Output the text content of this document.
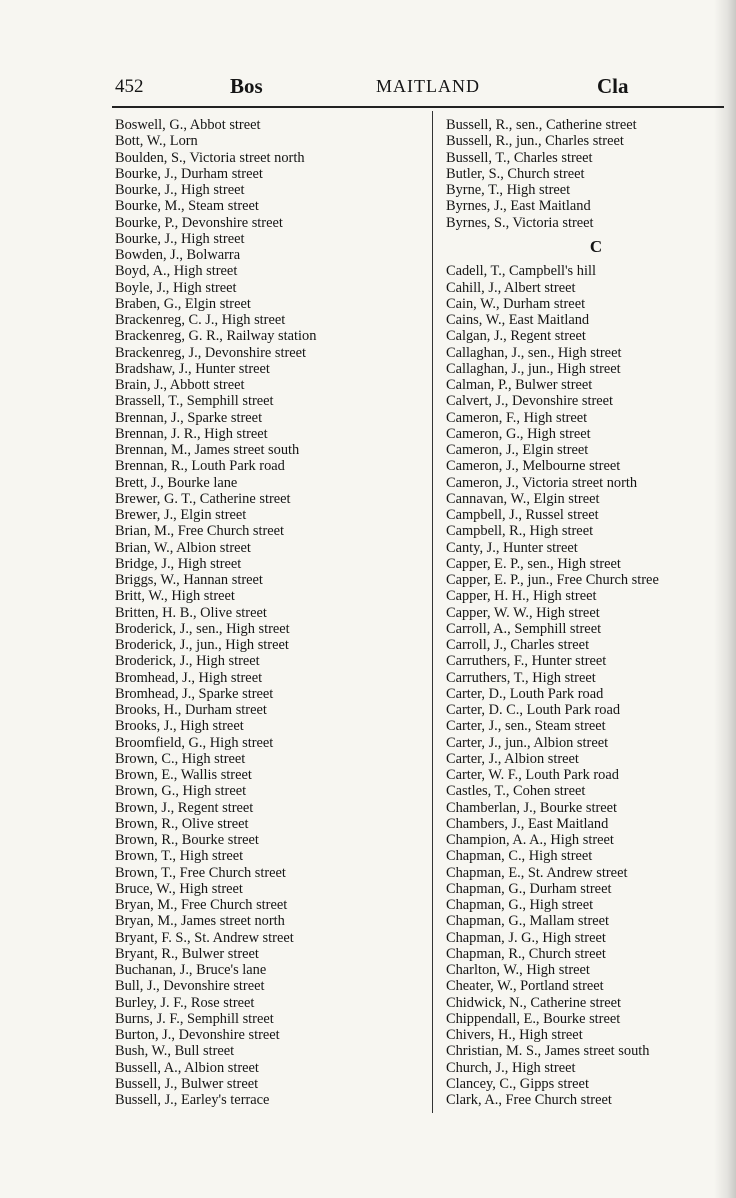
452	Bos	MAITLAND	Cla
Boswell, G., Abbot street
Bott, W., Lorn
Boulden, S., Victoria street north
Bourke, J., Durham street
Bourke, J., High street
Bourke, M., Steam street
Bourke, P., Devonshire street
Bourke, J., High street
Bowden, J., Bolwarra
Boyd, A., High street
Boyle, J., High street
Braben, G., Elgin street
Brackenreg, C. J., High street
Brackenreg, G. R., Railway station
Brackenreg, J., Devonshire street
Bradshaw, J., Hunter street
Brain, J., Abbott street
Brassell, T., Semphill street
Brennan, J., Sparke street
Brennan, J. R., High street
Brennan, M., James street south
Brennan, R., Louth Park road
Brett, J., Bourke lane
Brewer, G. T., Catherine street
Brewer, J., Elgin street
Brian, M., Free Church street
Brian, W., Albion street
Bridge, J., High street
Briggs, W., Hannan street
Britt, W., High street
Britten, H. B., Olive street
Broderick, J., sen., High street
Broderick, J., jun., High street
Broderick, J., High street
Bromhead, J., High street
Bromhead, J., Sparke street
Brooks, H., Durham street
Brooks, J., High street
Broomfield, G., High street
Brown, C., High street
Brown, E., Wallis street
Brown, G., High street
Brown, J., Regent street
Brown, R., Olive street
Brown, R., Bourke street
Brown, T., High street
Brown, T., Free Church street
Bruce, W., High street
Bryan, M., Free Church street
Bryan, M., James street north
Bryant, F. S., St. Andrew street
Bryant, R., Bulwer street
Buchanan, J., Bruce's lane
Bull, J., Devonshire street
Burley, J. F., Rose street
Burns, J. F., Semphill street
Burton, J., Devonshire street
Bush, W., Bull street
Bussell, A., Albion street
Bussell, J., Bulwer street
Bussell, J., Earley's terrace
Bussell, R., sen., Catherine street
Bussell, R., jun., Charles street
Bussell, T., Charles street
Butler, S., Church street
Byrne, T., High street
Byrnes, J., East Maitland
Byrnes, S., Victoria street
C
Cadell, T., Campbell's hill
Cahill, J., Albert street
Cain, W., Durham street
Cains, W., East Maitland
Calgan, J., Regent street
Callaghan, J., sen., High street
Callaghan, J., jun., High street
Calman, P., Bulwer street
Calvert, J., Devonshire street
Cameron, F., High street
Cameron, G., High street
Cameron, J., Elgin street
Cameron, J., Melbourne street
Cameron, J., Victoria street north
Cannavan, W., Elgin street
Campbell, J., Russel street
Campbell, R., High street
Canty, J., Hunter street
Capper, E. P., sen., High street
Capper, E. P., jun., Free Church stree
Capper, H. H., High street
Capper, W. W., High street
Carroll, A., Semphill street
Carroll, J., Charles street
Carruthers, F., Hunter street
Carruthers, T., High street
Carter, D., Louth Park road
Carter, D. C., Louth Park road
Carter, J., sen., Steam street
Carter, J., jun., Albion street
Carter, J., Albion street
Carter, W. F., Louth Park road
Castles, T., Cohen street
Chamberlan, J., Bourke street
Chambers, J., East Maitland
Champion, A. A., High street
Chapman, C., High street
Chapman, E., St. Andrew street
Chapman, G., Durham street
Chapman, G., High street
Chapman, G., Mallam street
Chapman, J. G., High street
Chapman, R., Church street
Charlton, W., High street
Cheater, W., Portland street
Chidwick, N., Catherine street
Chippendall, E., Bourke street
Chivers, H., High street
Christian, M. S., James street south
Church, J., High street
Clancey, C., Gipps street
Clark, A., Free Church street
